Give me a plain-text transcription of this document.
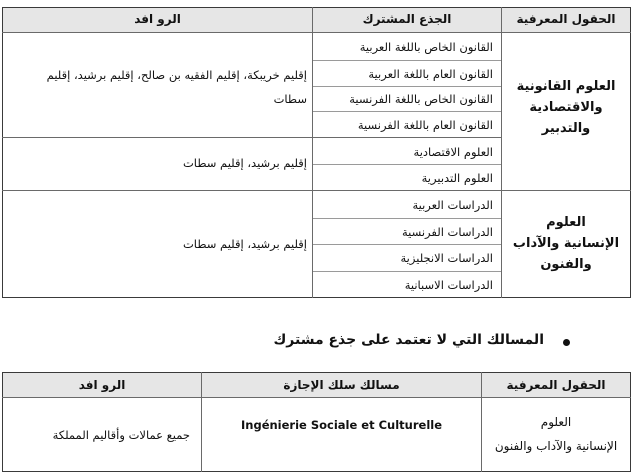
الحقول المعرفية
الجذع المشترك
الرو افد
العلوم القانونية
والاقتصادية
والتدبير
العلوم
الإنسانية والآداب
والفنون
القانون الخاص باللغة العربية
القانون العام باللغة العربية
القانون الخاص باللغة الفرنسية
القانون العام باللغة الفرنسية
العلوم الاقتصادية
العلوم التدبيرية
الدراسات العربية
الدراسات الفرنسية
الدراسات الانجليزية
الدراسات الاسبانية
إقليم خريبكة، إقليم الفقيه بن صالح، إقليم برشيد، إقليم
سطات
إقليم برشيد، إقليم سطات
إقليم برشيد، إقليم سطات
المسالك التي لا تعتمد على جذع مشترك
الحقول المعرفية
مسالك سلك الإجازة
الرو افد
العلوم
الإنسانية والآداب والفنون
Ingénierie Sociale et Culturelle
جميع عمالات وأقاليم المملكة
